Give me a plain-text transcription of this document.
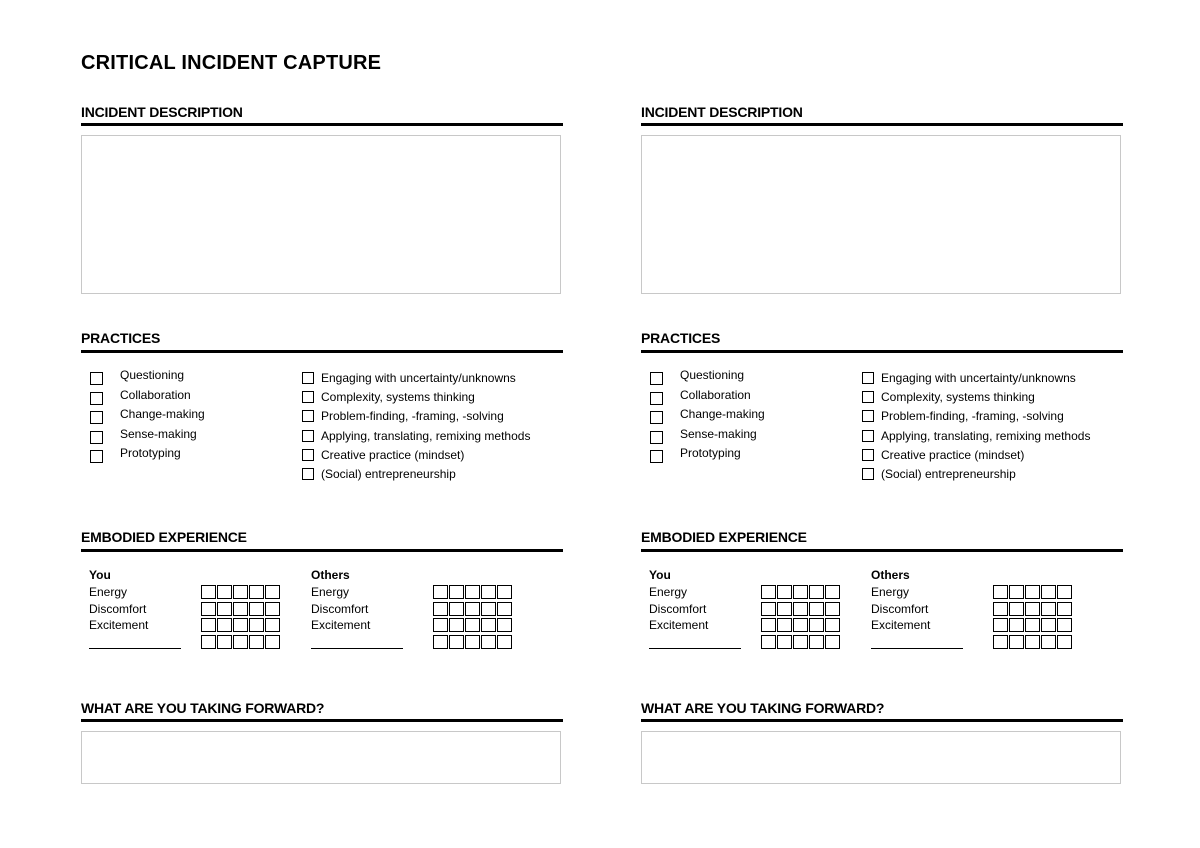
CRITICAL INCIDENT CAPTURE
INCIDENT DESCRIPTION
PRACTICES
Questioning
Collaboration
Change-making
Sense-making
Prototyping
Engaging with uncertainty/unknowns
Complexity, systems thinking
Problem-finding, -framing, -solving
Applying, translating, remixing methods
Creative practice (mindset)
(Social) entrepreneurship
EMBODIED EXPERIENCE
You
Energy
Discomfort
Excitement
Others
Energy
Discomfort
Excitement
WHAT ARE YOU TAKING FORWARD?
INCIDENT DESCRIPTION
PRACTICES
Questioning
Collaboration
Change-making
Sense-making
Prototyping
Engaging with uncertainty/unknowns
Complexity, systems thinking
Problem-finding, -framing, -solving
Applying, translating, remixing methods
Creative practice (mindset)
(Social) entrepreneurship
EMBODIED EXPERIENCE
You
Energy
Discomfort
Excitement
Others
Energy
Discomfort
Excitement
WHAT ARE YOU TAKING FORWARD?
